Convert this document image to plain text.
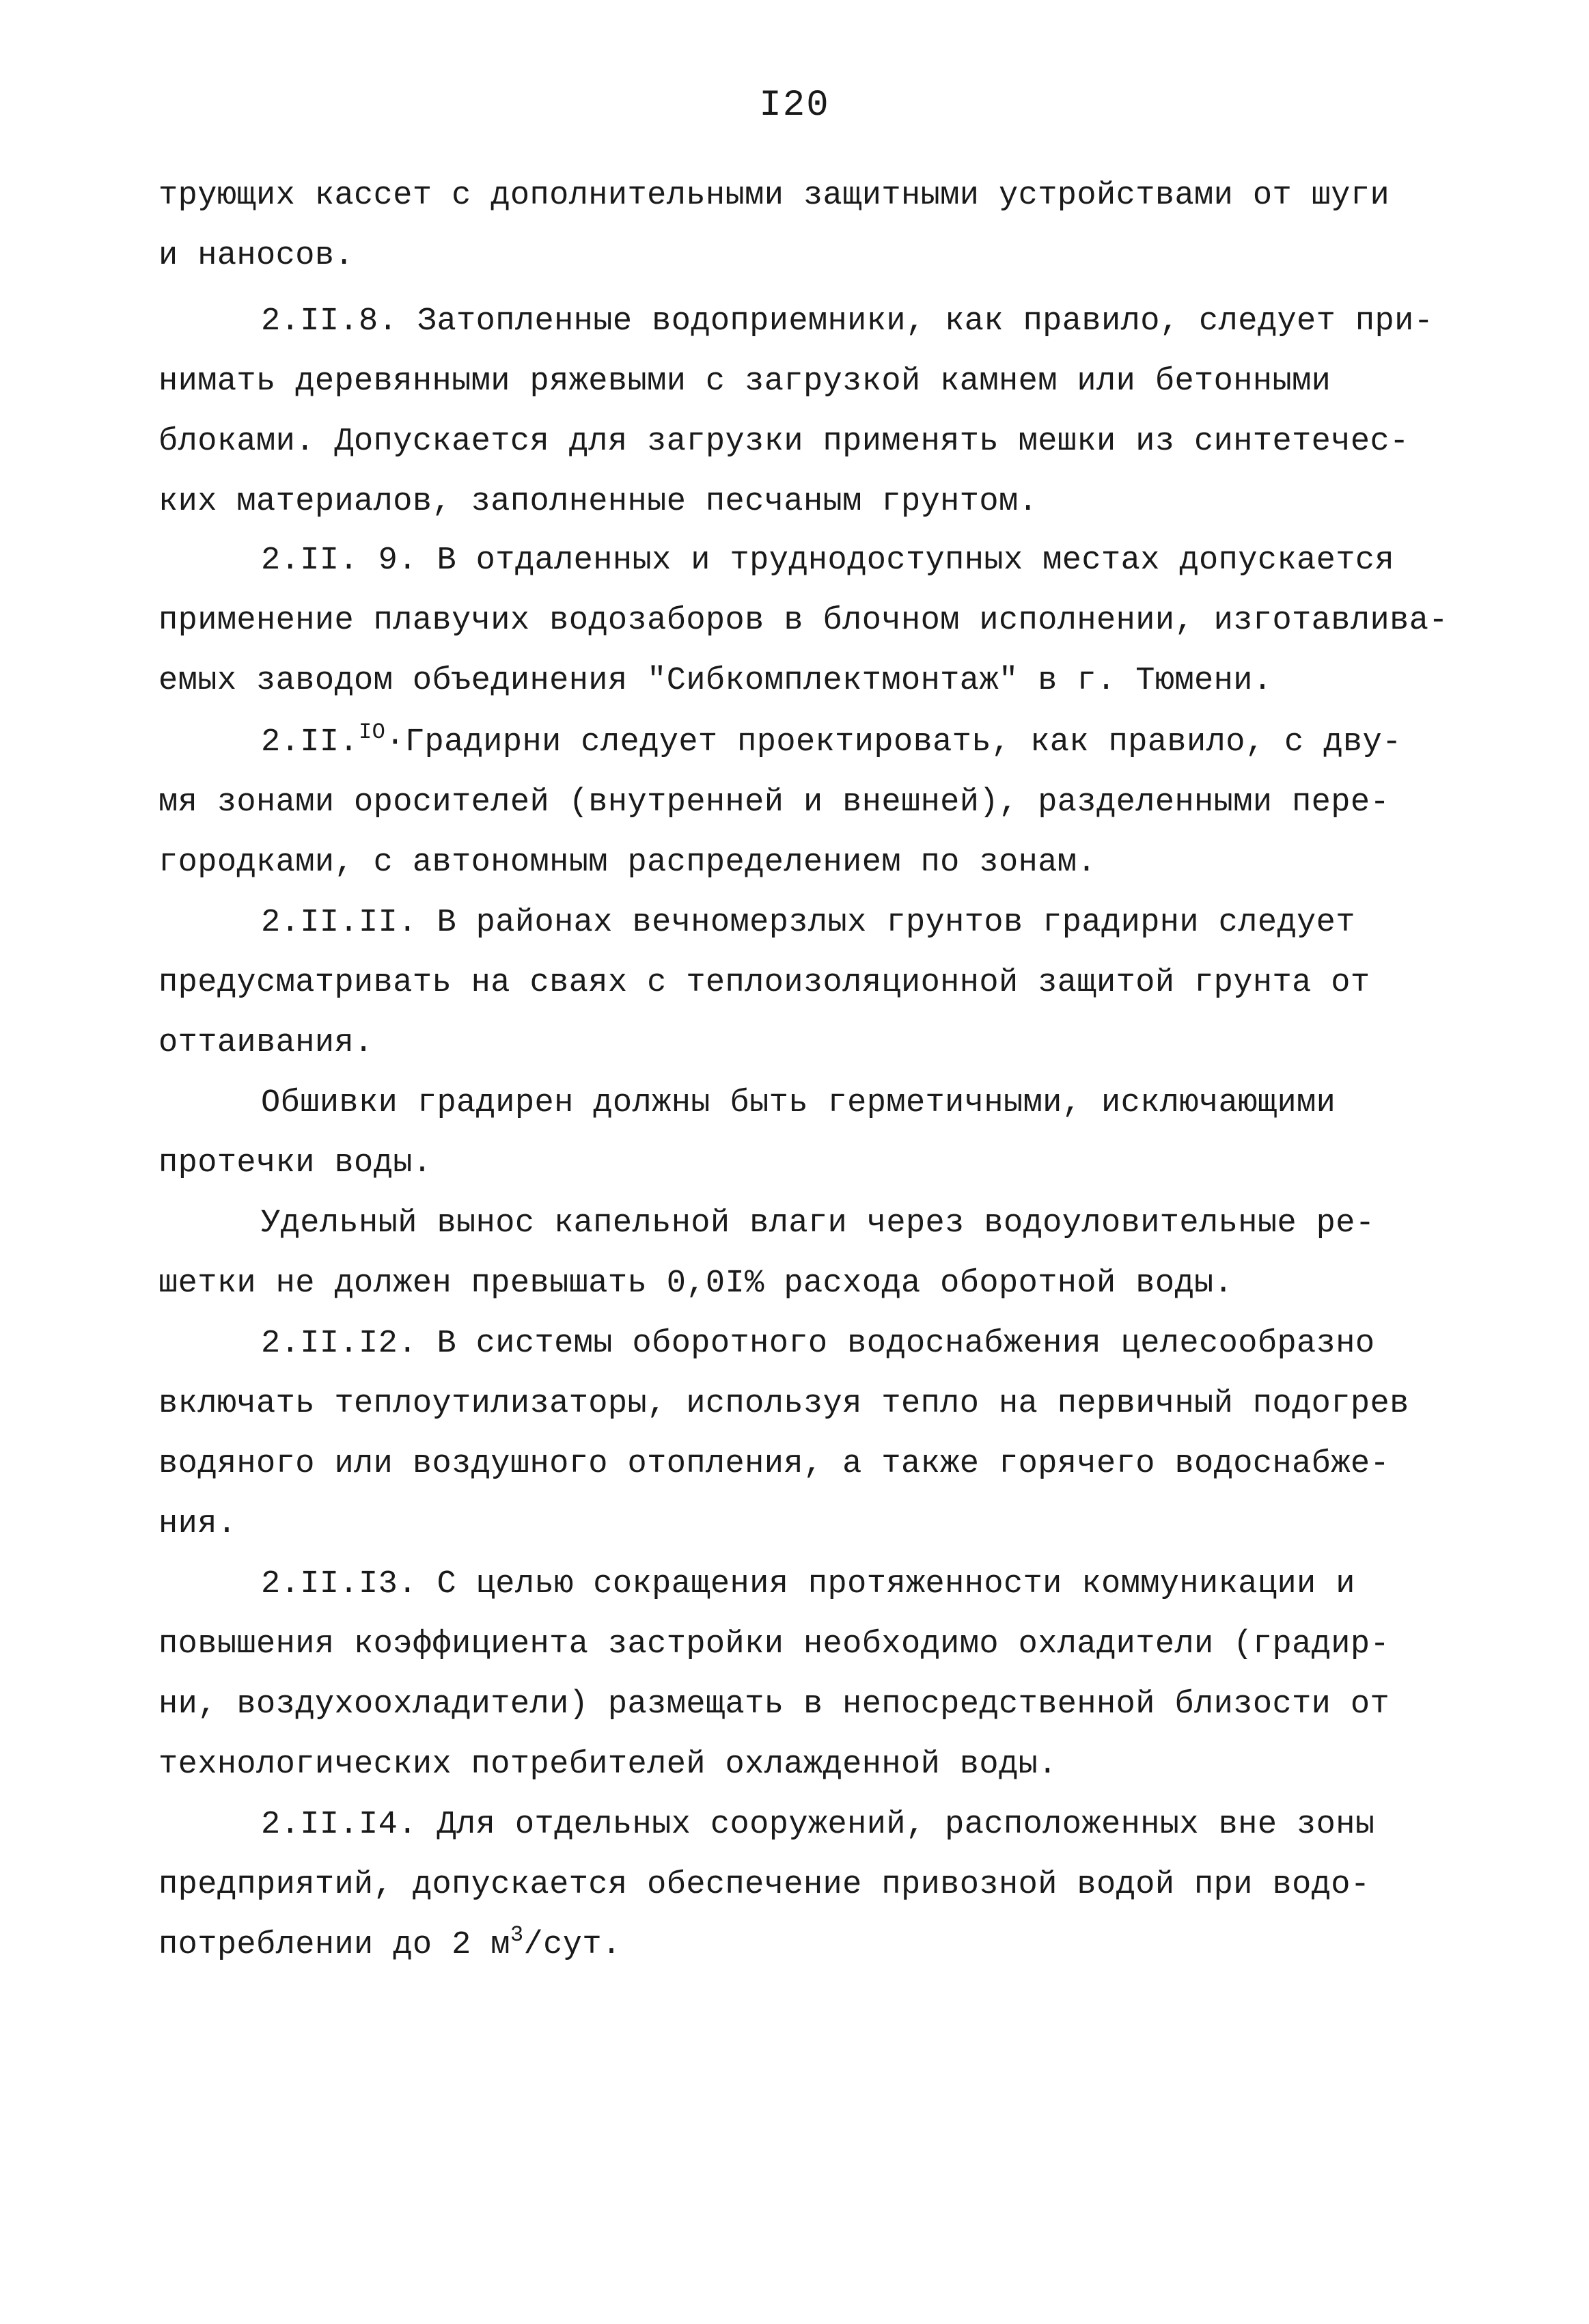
I20
трующих кассет с дополнительными защитными устройствами от шуги
и наносов.
2.II.8. Затопленные водоприемники, как правило, следует при-
нимать деревянными ряжевыми с загрузкой камнем или бетонными
блоками. Допускается для загрузки применять мешки из синтетечес-
ких материалов, заполненные песчаным грунтом.
2.II. 9. В отдаленных и труднодоступных местах допускается
применение плавучих водозаборов в блочном исполнении, изготавлива-
емых заводом объединения "Сибкомплектмонтаж" в г. Тюмени.
2.II.$^{IO}$·Градирни следует проектировать, как правило, с дву-
мя зонами оросителей (внутренней и внешней), разделенными пере-
городками, с автономным распределением по зонам.
2.II.II. В районах вечномерзлых грунтов градирни следует
предусматривать на сваях с теплоизоляционной защитой грунта от
оттаивания.
Обшивки градирен должны быть герметичными, исключающими
протечки воды.
Удельный вынос капельной влаги через водоуловительные ре-
шетки не должен превышать 0,0I% расхода оборотной воды.
2.II.I2. В системы оборотного водоснабжения целесообразно
включать теплоутилизаторы, используя тепло на первичный подогрев
водяного или воздушного отопления, а также горячего водоснабже-
ния.
2.II.I3. С целью сокращения протяженности коммуникации и
повышения коэффициента застройки необходимо охладители (градир-
ни, воздухоохладители) размещать в непосредственной близости от
технологических потребителей охлажденной воды.
2.II.I4. Для отдельных сооружений, расположенных вне зоны
предприятий, допускается обеспечение привозной водой при водо-
потреблении до 2 $м^3$/сут.
